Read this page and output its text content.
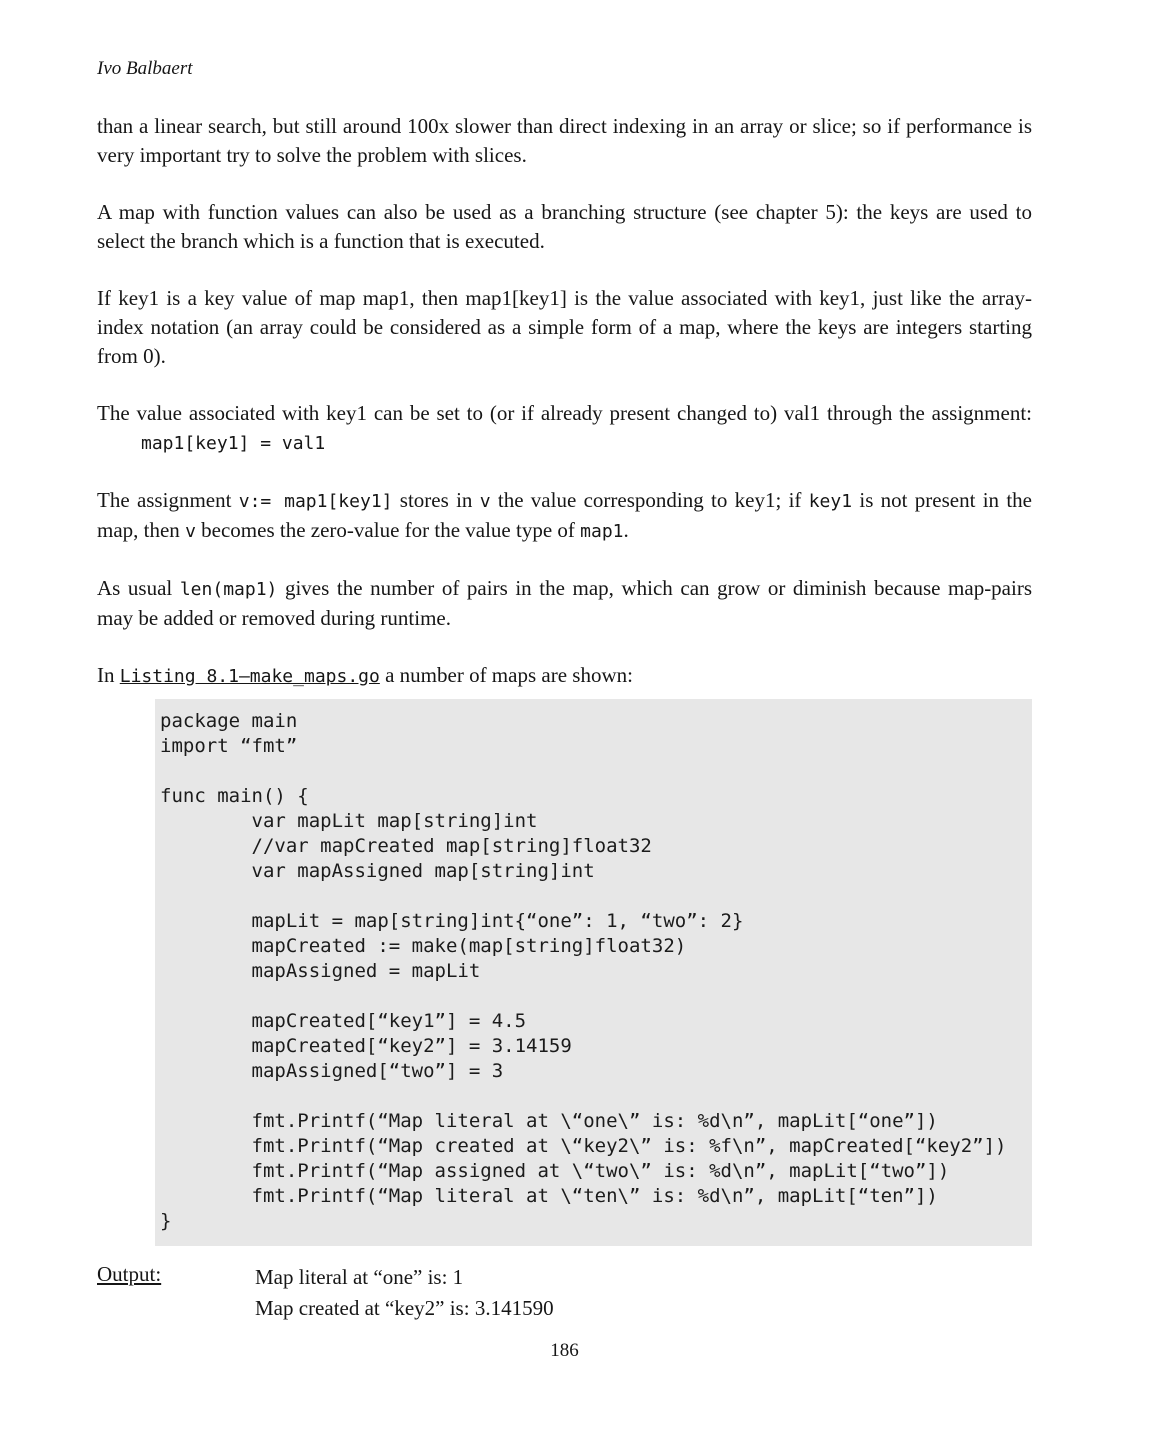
Ivo Balbaert

than a linear search, but still around 100x slower than direct indexing in an array or slice; so if performance is very important try to solve the problem with slices.

A map with function values can also be used as a branching structure (see chapter 5): the keys are used to select the branch which is a function that is executed.

If key1 is a key value of map map1, then map1[key1] is the value associated with key1, just like the array-index notation (an array could be considered as a simple form of a map, where the keys are integers starting from 0).

The value associated with key1 can be set to (or if already present changed to) val1 through the assignment:map1[key1] = val1

The assignment v:= map1[key1] stores in v the value corresponding to key1; if key1 is not present in the map, then v becomes the zero-value for the value type of map1.

As usual len(map1) gives the number of pairs in the map, which can grow or diminish because map-pairs may be added or removed during runtime.

In Listing 8.1—make_maps.go a number of maps are shown:

package main
import “fmt”

func main() {
var mapLit map[string]int
//var mapCreated map[string]float32
var mapAssigned map[string]int

mapLit = map[string]int{“one”: 1, “two”: 2}
mapCreated := make(map[string]float32)
mapAssigned = mapLit

mapCreated[“key1”] = 4.5
mapCreated[“key2”] = 3.14159
mapAssigned[“two”] = 3

fmt.Printf(“Map literal at \“one\” is: %d\n”, mapLit[“one”])
fmt.Printf(“Map created at \“key2\” is: %f\n”, mapCreated[“key2”])
fmt.Printf(“Map assigned at \“two\” is: %d\n”, mapLit[“two”])
fmt.Printf(“Map literal at \“ten\” is: %d\n”, mapLit[“ten”])
}
Output:	Map literal at “one” is: 1
Map created at “key2” is: 3.141590
186
